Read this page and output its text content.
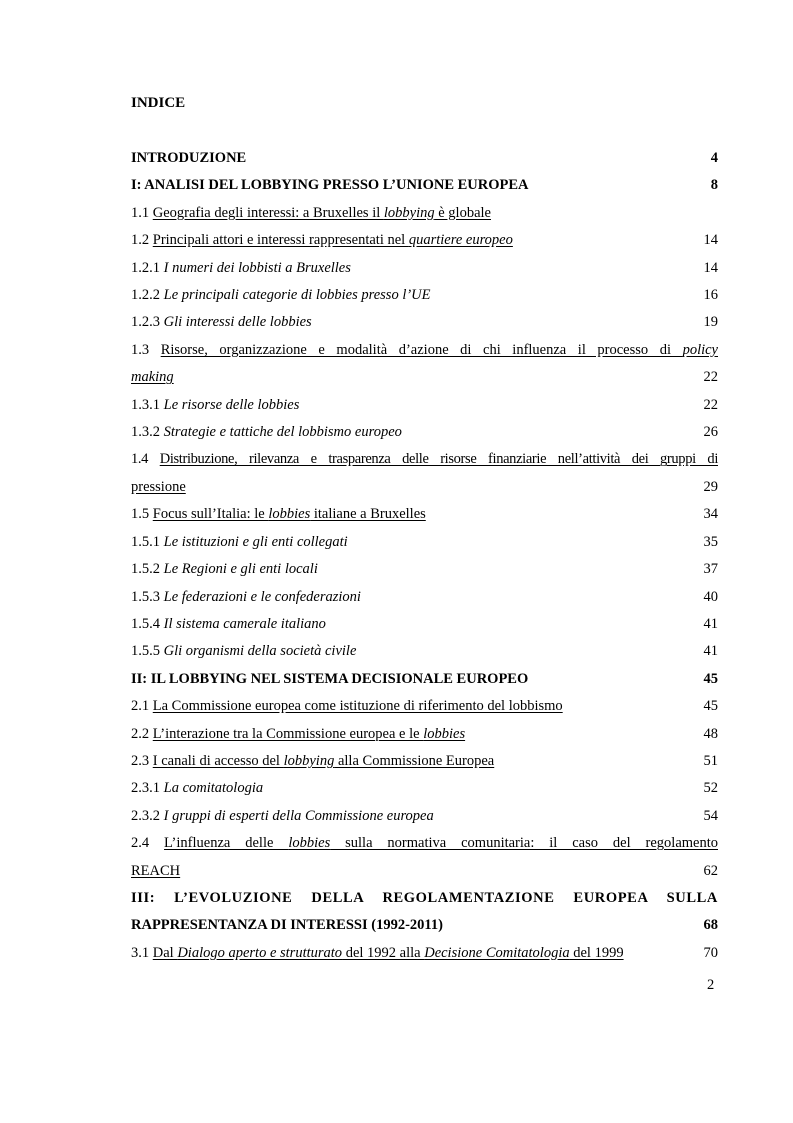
INDICE
INTRODUZIONE	4
I: ANALISI DEL LOBBYING PRESSO L’UNIONE EUROPEA	8
1.1 Geografia degli interessi: a Bruxelles il lobbying è globale
1.2 Principali attori e interessi rappresentati nel quartiere europeo	14
1.2.1 I numeri dei lobbisti a Bruxelles	14
1.2.2 Le principali categorie di lobbies presso l’UE	16
1.2.3 Gli interessi delle lobbies	19
1.3 Risorse, organizzazione e modalità d’azione di chi influenza il processo di policy
making	22
1.3.1 Le risorse delle lobbies	22
1.3.2 Strategie e tattiche del lobbismo europeo	26
1.4 Distribuzione, rilevanza e trasparenza delle risorse finanziarie nell’attività dei gruppi di
pressione	29
1.5 Focus sull’Italia: le lobbies italiane a Bruxelles	34
1.5.1 Le istituzioni e gli enti collegati	35
1.5.2 Le Regioni e gli enti locali	37
1.5.3 Le federazioni e le confederazioni	40
1.5.4 Il sistema camerale italiano	41
1.5.5 Gli organismi della società civile	41
II: IL LOBBYING NEL SISTEMA DECISIONALE EUROPEO	45
2.1 La Commissione europea come istituzione di riferimento del lobbismo	45
2.2 L’interazione tra la Commissione europea e le lobbies	48
2.3 I canali di accesso del lobbying alla Commissione Europea	51
2.3.1 La comitatologia	52
2.3.2 I gruppi di esperti della Commissione europea	54
2.4 L’influenza delle lobbies sulla normativa comunitaria: il caso del regolamento
REACH	62
III: L’EVOLUZIONE DELLA REGOLAMENTAZIONE EUROPEA SULLA
RAPPRESENTANZA DI INTERESSI (1992-2011)	68
3.1 Dal Dialogo aperto e strutturato del 1992 alla Decisione Comitatologia del 1999	70
2
